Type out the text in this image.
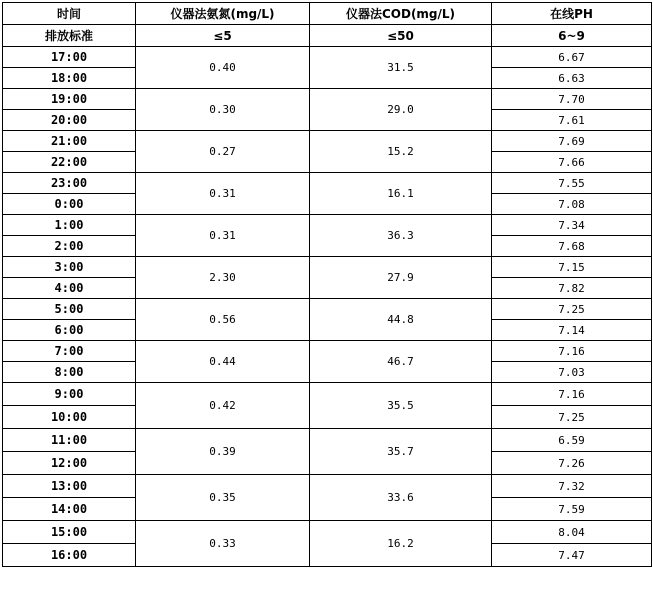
时间	仪器法氨氮(mg/L)	仪器法COD(mg/L)	在线PH
排放标准	≤5	≤50	6~9
17:00	0.40	31.5	6.67
18:00			6.63
19:00	0.30	29.0	7.70
20:00			7.61
21:00	0.27	15.2	7.69
22:00			7.66
23:00	0.31	16.1	7.55
0:00			7.08
1:00	0.31	36.3	7.34
2:00			7.68
3:00	2.30	27.9	7.15
4:00			7.82
5:00	0.56	44.8	7.25
6:00			7.14
7:00	0.44	46.7	7.16
8:00			7.03
9:00	0.42	35.5	7.16
10:00			7.25
11:00	0.39	35.7	6.59
12:00			7.26
13:00	0.35	33.6	7.32
14:00			7.59
15:00	0.33	16.2	8.04
16:00			7.47
